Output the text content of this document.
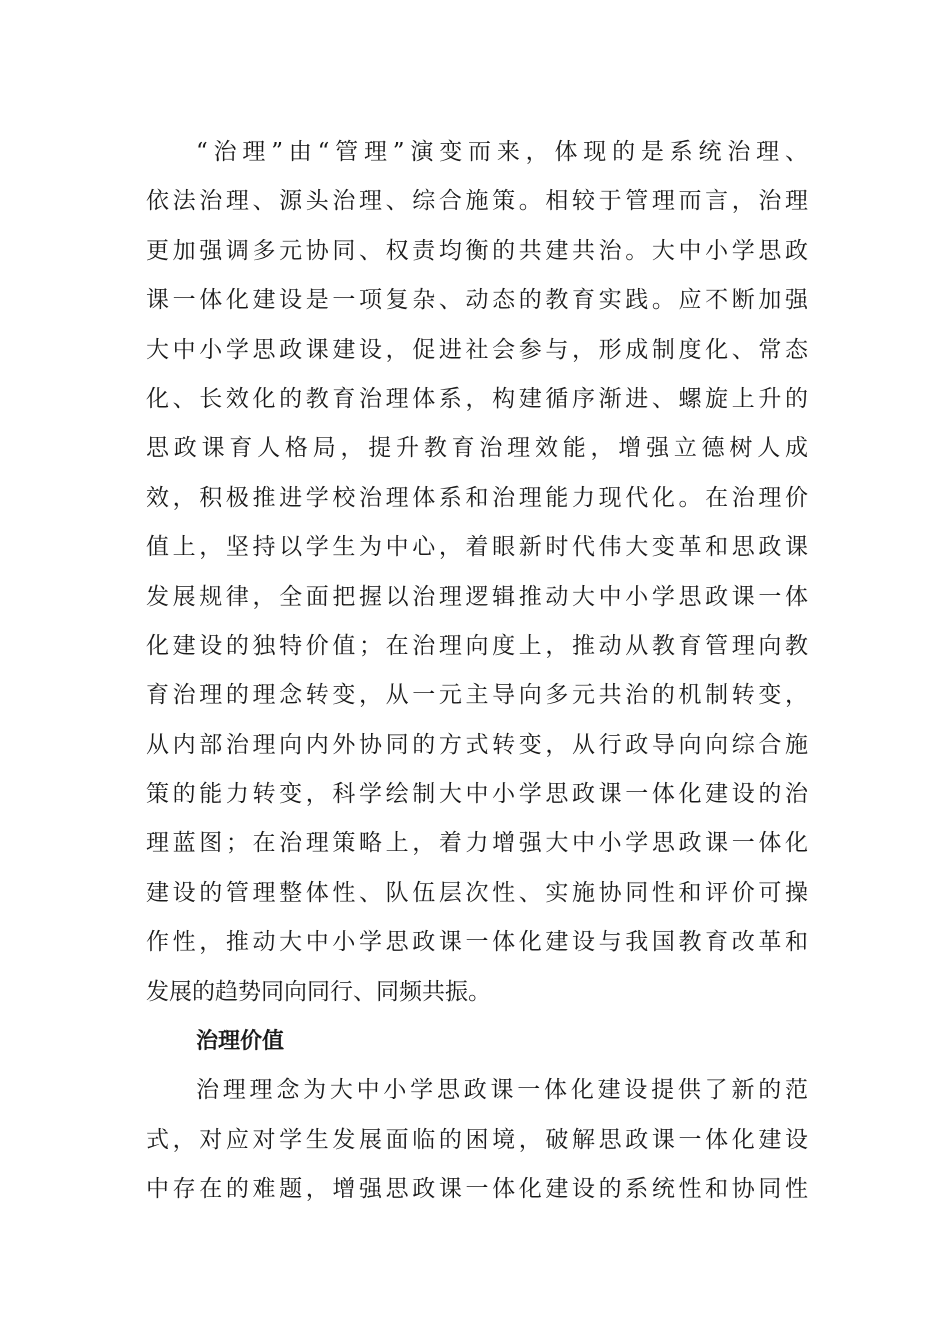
“治理”由“管理”演变而来，体现的是系统治理、
依法治理、源头治理、综合施策。相较于管理而言，治理
更加强调多元协同、权责均衡的共建共治。大中小学思政
课一体化建设是一项复杂、动态的教育实践。应不断加强
大中小学思政课建设，促进社会参与，形成制度化、常态
化、长效化的教育治理体系，构建循序渐进、螺旋上升的
思政课育人格局，提升教育治理效能，增强立德树人成
效，积极推进学校治理体系和治理能力现代化。在治理价
值上，坚持以学生为中心，着眼新时代伟大变革和思政课
发展规律，全面把握以治理逻辑推动大中小学思政课一体
化建设的独特价值；在治理向度上，推动从教育管理向教
育治理的理念转变，从一元主导向多元共治的机制转变，
从内部治理向内外协同的方式转变，从行政导向向综合施
策的能力转变，科学绘制大中小学思政课一体化建设的治
理蓝图；在治理策略上，着力增强大中小学思政课一体化
建设的管理整体性、队伍层次性、实施协同性和评价可操
作性，推动大中小学思政课一体化建设与我国教育改革和
发展的趋势同向同行、同频共振。
治理价值
治理理念为大中小学思政课一体化建设提供了新的范
式，对应对学生发展面临的困境，破解思政课一体化建设
中存在的难题，增强思政课一体化建设的系统性和协同性
